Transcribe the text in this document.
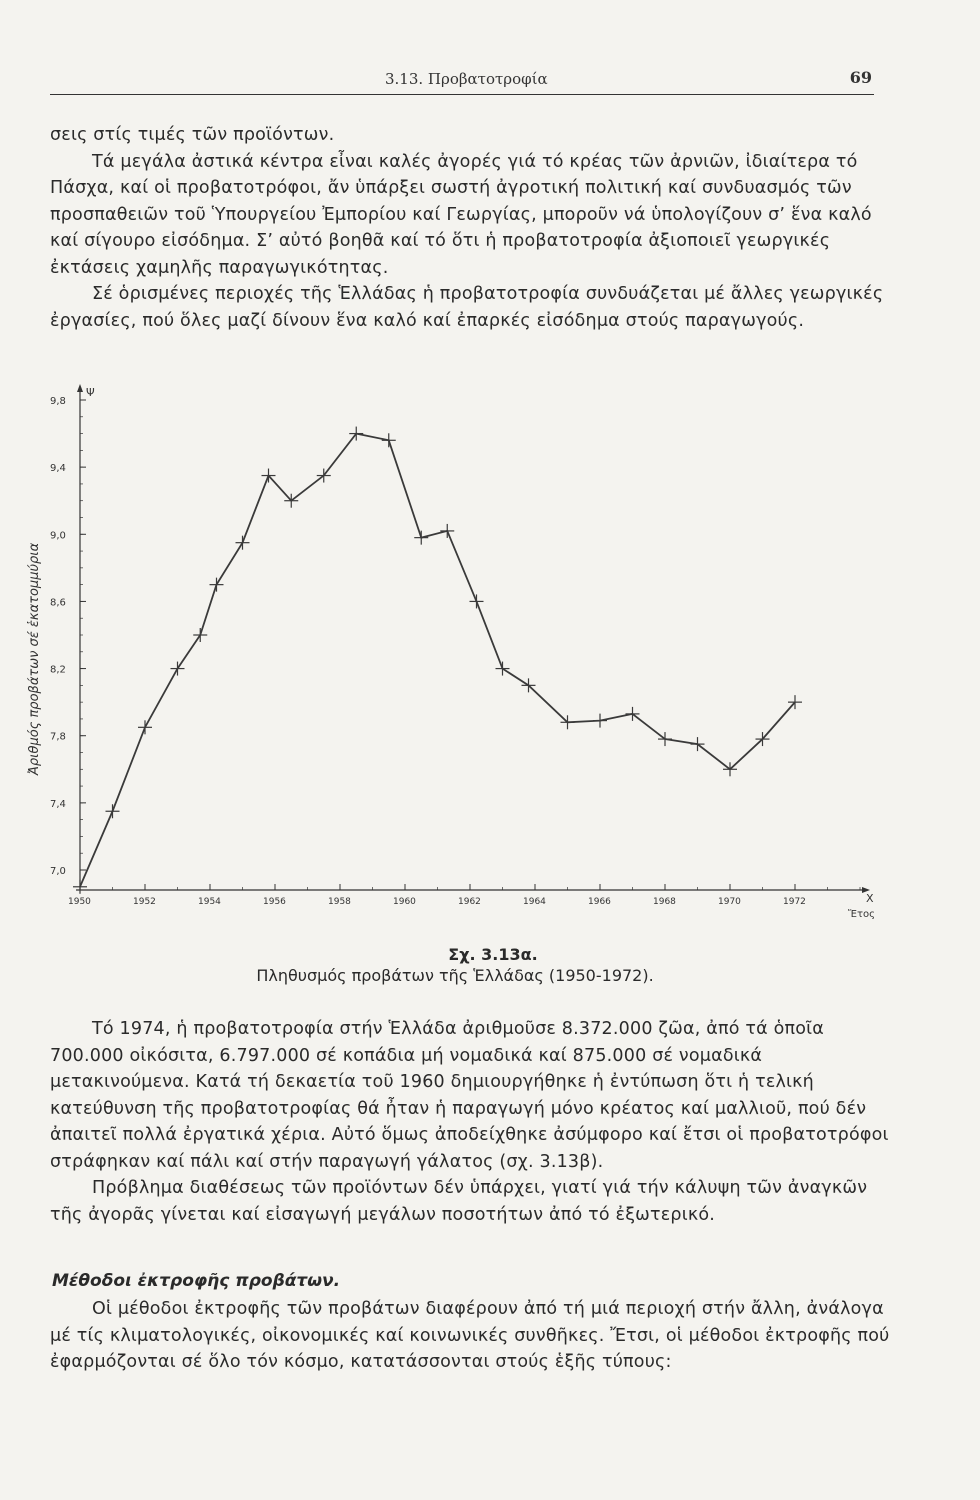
3.13. Προβατοτροφία	69

σεις στίς τιμές τῶν προϊόντων.

Τά μεγάλα ἀστικά κέντρα εἶναι καλές ἀγορές γιά τό κρέας τῶν ἀρνιῶν, ἰδιαίτερα τό Πάσχα, καί οἱ προβατοτρόφοι, ἄν ὑπάρξει σωστή ἀγροτική πολιτική καί συνδυασμός τῶν προσπαθειῶν τοῦ Ὑπουργείου Ἐμπορίου καί Γεωργίας, μποροῦν νά ὑπολογίζουν σ’ ἕνα καλό καί σίγουρο εἰσόδημα. Σ’ αὐτό βοηθᾶ καί τό ὅτι ἡ προβατοτροφία ἀξιοποιεῖ γεωργικές ἐκτάσεις χαμηλῆς παραγωγικότητας.

Σέ ὁρισμένες περιοχές τῆς Ἑλλάδας ἡ προβατοτροφία συνδυάζεται μέ ἄλλες γεωργικές ἐργασίες, πού ὅλες μαζί δίνουν ἕνα καλό καί ἐπαρκές εἰσόδημα στούς παραγωγούς.

7,0
7,4
7,8
8,2
8,6
9,0
9,4
9,8
1950	1952	1954	1956	1958	1960	1962	1964	1966	1968	1970	1972
Ἀριθμός προβάτων σέ ἑκατομμύρια
Ψ
X
Ἔτος
Σχ. 3.13α.
Πληθυσμός προβάτων τῆς Ἑλλάδας (1950-1972).

Τό 1974, ἡ προβατοτροφία στήν Ἑλλάδα ἀριθμοῦσε 8.372.000 ζῶα, ἀπό τά ὁποῖα 700.000 οἰκόσιτα, 6.797.000 σέ κοπάδια μή νομαδικά καί 875.000 σέ νομαδικά μετακινούμενα. Κατά τή δεκαετία τοῦ 1960 δημιουργήθηκε ἡ ἐντύπωση ὅτι ἡ τελική κατεύθυνση τῆς προβατοτροφίας θά ἦταν ἡ παραγωγή μόνο κρέατος καί μαλλιοῦ, πού δέν ἀπαιτεῖ πολλά ἐργατικά χέρια. Αὐτό ὅμως ἀποδείχθηκε ἀσύμφορο καί ἔτσι οἱ προβατοτρόφοι στράφηκαν καί πάλι καί στήν παραγωγή γάλατος (σχ. 3.13β).

Πρόβλημα διαθέσεως τῶν προϊόντων δέν ὑπάρχει, γιατί γιά τήν κάλυψη τῶν ἀναγκῶν τῆς ἀγορᾶς γίνεται καί εἰσαγωγή μεγάλων ποσοτήτων ἀπό τό ἐξωτερικό.

Μέθοδοι ἐκτροφῆς προβάτων.

Οἱ μέθοδοι ἐκτροφῆς τῶν προβάτων διαφέρουν ἀπό τή μιά περιοχή στήν ἄλλη, ἀνάλογα μέ τίς κλιματολογικές, οἰκονομικές καί κοινωνικές συνθῆκες. Ἔτσι, οἱ μέθοδοι ἐκτροφῆς πού ἐφαρμόζονται σέ ὅλο τόν κόσμο, κατατάσσονται στούς ἑξῆς τύπους:
